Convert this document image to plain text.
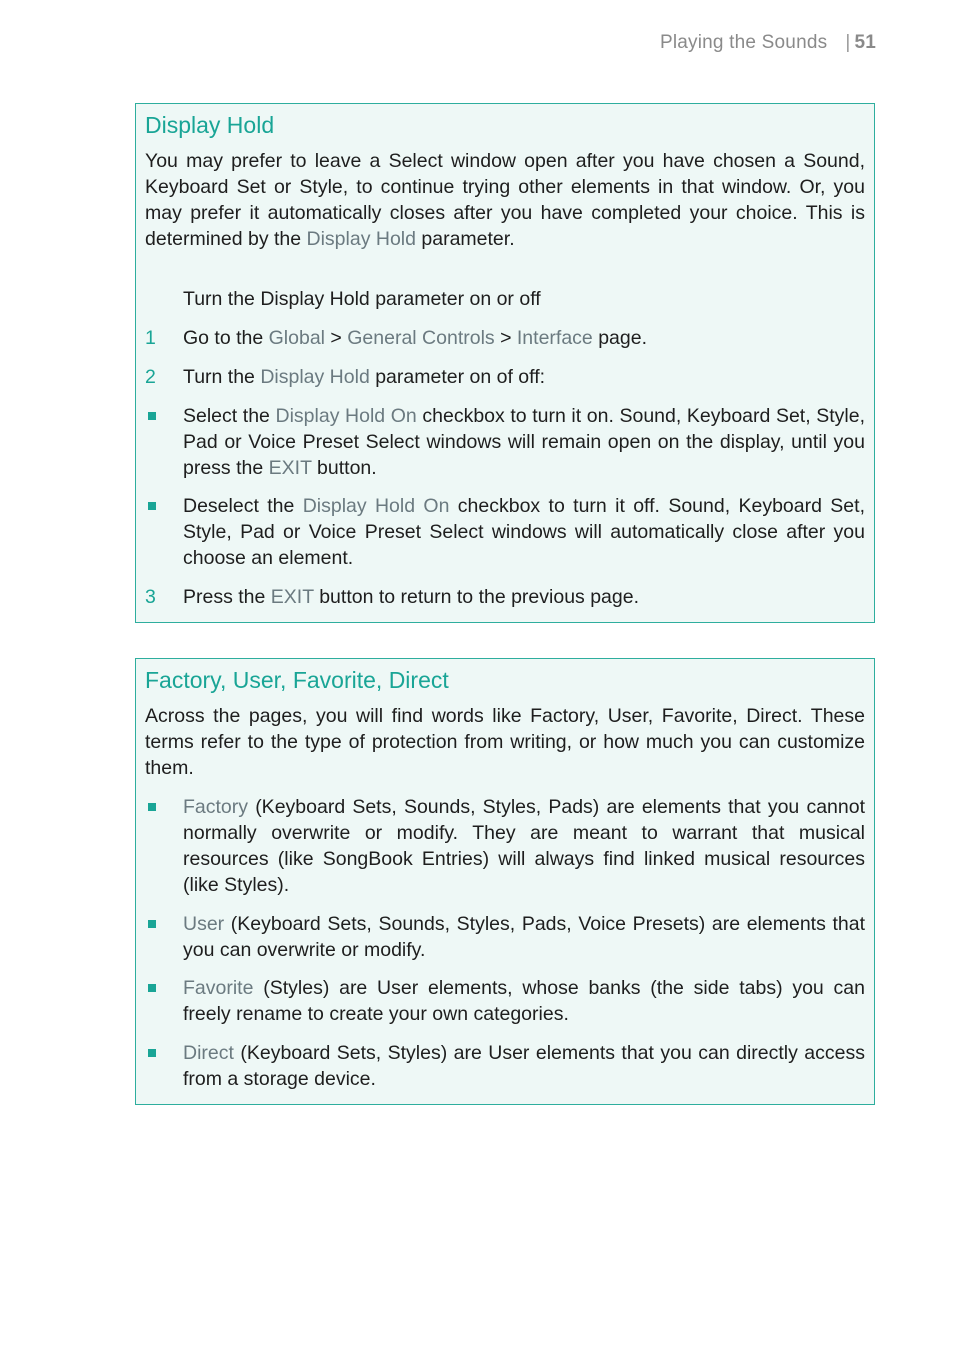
Playing the Sounds | 51
Display Hold

You may prefer to leave a Select window open after you have chosen a Sound, Keyboard Set or Style, to continue trying other elements in that window. Or, you may prefer it automatically closes after you have completed your choice. This is determined by the Display Hold parameter.

Turn the Display Hold parameter on or off

1	Go to the Global > General Controls > Interface page.
2	Turn the Display Hold parameter on of off:
Select the Display Hold On checkbox to turn it on. Sound, Keyboard Set, Style, Pad or Voice Preset Select windows will remain open on the display, until you press the EXIT button.
Deselect the Display Hold On checkbox to turn it off. Sound, Keyboard Set, Style, Pad or Voice Preset Select windows will automatically close after you choose an element.
3	Press the EXIT button to return to the previous page.
Factory, User, Favorite, Direct

Across the pages, you will find words like Factory, User, Favorite, Direct. These terms refer to the type of protection from writing, or how much you can customize them.

Factory (Keyboard Sets, Sounds, Styles, Pads) are elements that you cannot normally overwrite or modify. They are meant to warrant that musical resources (like SongBook Entries) will always find linked musical resources (like Styles).
User (Keyboard Sets, Sounds, Styles, Pads, Voice Presets) are elements that you can overwrite or modify.
Favorite (Styles) are User elements, whose banks (the side tabs) you can freely rename to create your own categories.
Direct (Keyboard Sets, Styles) are User elements that you can directly access from a storage device.
